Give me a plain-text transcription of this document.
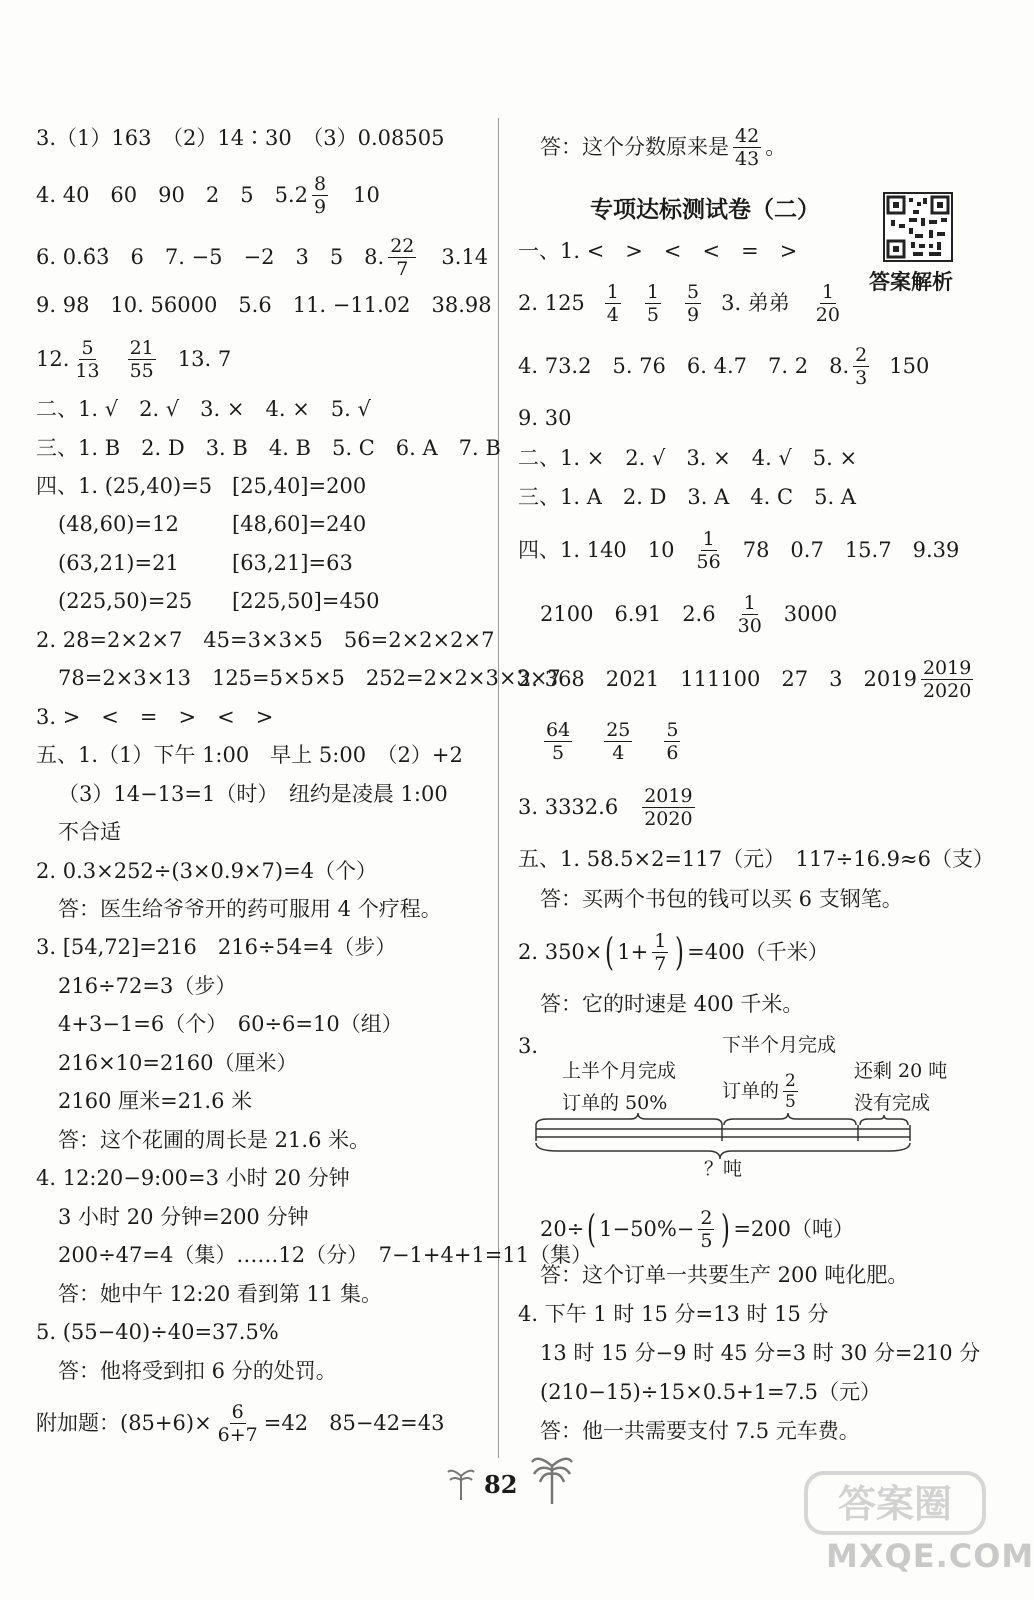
3.（1）163　（2）14∶30　（3）0.08505
4. 40　60　90　2　5　5. $2 \frac{8}{9}$ 　10
6. 0.6̇3̇　6　7. −5　−2　3　5　8. $\frac{22}{7}$ 　3.14
9. 98　10. 56000　5.6　11. −11.02　38.98
12. $\frac{5}{13} \frac{21}{55} 13$. 7
二、1. √　2. √　3. ×　4. ×　5. √
三、1. B　2. D　3. B　4. B　5. C　6. A　7. B
四、1. (25,40)=5 [25,40]=200
(48,60)=12	[48,60]=240
(63,21)=21	[63,21]=63
(225,50)=25 [225,50]=450
2. 28=2×2×7　45=3×3×5　56=2×2×2×7
78=2×3×13　125=5×5×5　252=2×2×3×3×7
3. >　<　=　>　<　>
五、1.（1）下午 1:00　早上 5:00　（2）+2
（3）14−13=1（时）　纽约是凌晨 1:00
不合适
2. 0.3×252÷(3×0.9×7)=4（个）
答：医生给爷爷开的药可服用 4 个疗程。
3. [54,72]=216　216÷54=4（步）
216÷72=3（步）
4+3−1=6（个）　60÷6=10（组）
216×10=2160（厘米）
2160 厘米=21.6 米
答：这个花圃的周长是 21.6 米。
4. 12:20−9:00=3 小时 20 分钟
3 小时 20 分钟=200 分钟
200÷47=4（集）……12（分）　7−1+4+1=11（集）
答：她中午 12:20 看到第 11 集。
5. (55−40)÷40=37.5%
答：他将受到扣 6 分的处罚。
附加题：$(85+6)\times \frac{6}{6+7} =42$　85−42=43
答：这个分数原来是 $\frac{42}{43}$ 。
专项达标测试卷（二）
答案解析
一、1. <　>　<　<　=　>
2. $125 \frac{1}{4} \frac{1}{5} \frac{5}{9} 3$. 弟弟 $\frac{1}{20}$
4. 73.2　5. 76　6. 4.7　7. 2　8. $\frac{2}{3} 150$
9. 30
二、1. ×　2. √　3. ×　4. √　5. ×
三、1. A　2. D　3. A　4. C　5. A
四、1. 140　$10 \frac{1}{56} 78$　0.7　15.7　9.39
2100　6.91　$2.6 \frac{1}{30} 3000$
2. 368　2021　111100　27　3　$2019 \frac{2019}{2020}$
$\frac{64}{5} \frac{25}{4} \frac{5}{6}$
3. $3332.6 \frac{2019}{2020}$
五、1. 58.5×2=117（元）　117÷16.9≈6（支）
答：买两个书包的钱可以买 6 支钢笔。
2. 350× ( $1+ \frac{1}{7}$ ) =400（千米）
答：它的时速是 400 千米。
3.	下半个月完成
上半个月完成
订单的 50%
订单的 $\frac{2}{5}$	还剩 20 吨
没有完成
？吨
20÷ ( $1-50\%- \frac{2}{5}$ ) =200（吨）
答：这个订单一共要生产 200 吨化肥。
4. 下午 1 时 15 分=13 时 15 分
13 时 15 分−9 时 45 分=3 时 30 分=210 分
(210−15)÷15×0.5+1=7.5（元）
答：他一共需要支付 7.5 元车费。
82	答案圈
MXQE.COM
